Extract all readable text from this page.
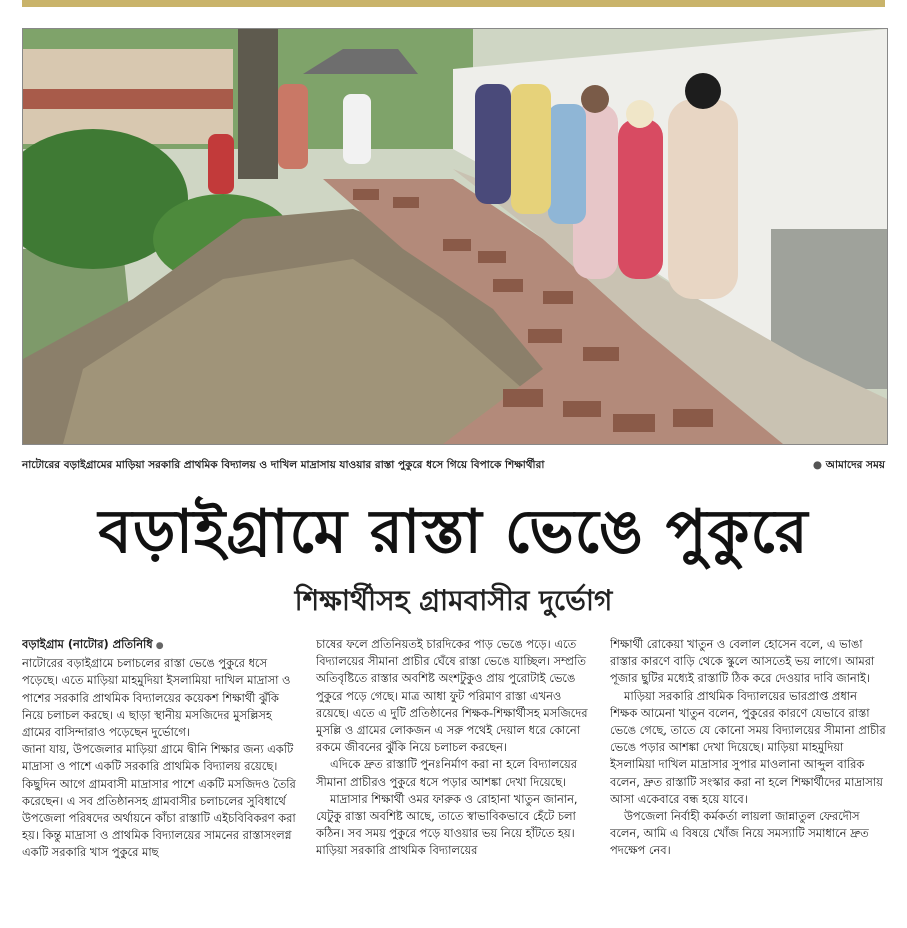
নাটোরের বড়াইগ্রামের মাড়িয়া সরকারি প্রাথমিক বিদ্যালয় ও দাখিল মাদ্রাসায় যাওয়ার রাস্তা পুকুরে ধসে গিয়ে বিপাকে শিক্ষার্থীরা
●	আমাদের সময়
বড়াইগ্রামে রাস্তা ভেঙে পুকুরে
শিক্ষার্থীসহ গ্রামবাসীর দুর্ভোগ
বড়াইগ্রাম (নাটোর) প্রতিনিধি ●

নাটোরের বড়াইগ্রামে চলাচলের রাস্তা ভেঙে পুকুরে ধসে পড়েছে। এতে মাড়িয়া মাহমুদিয়া ইসলামিয়া দাখিল মাদ্রাসা ও পাশের সরকারি প্রাথমিক বিদ্যালয়ের কয়েকশ শিক্ষার্থী ঝুঁকি নিয়ে চলাচল করছে। এ ছাড়া স্থানীয় মসজিদের মুসল্লিসহ গ্রামের বাসিন্দারাও পড়েছেন দুর্ভোগে।

জানা যায়, উপজেলার মাড়িয়া গ্রামে দ্বীনি শিক্ষার জন্য একটি মাদ্রাসা ও পাশে একটি সরকারি প্রাথমিক বিদ্যালয় রয়েছে। কিছুদিন আগে গ্রামবাসী মাদ্রাসার পাশে একটি মসজিদও তৈরি করেছেন। এ সব প্রতিষ্ঠানসহ গ্রামবাসীর চলাচলের সুবিধার্থে উপজেলা পরিষদের অর্থায়নে কাঁচা রাস্তাটি এইচবিবিকরণ করা হয়। কিন্তু মাদ্রাসা ও প্রাথমিক বিদ্যালয়ের সামনের রাস্তাসংলগ্ন একটি সরকারি খাস পুকুরে মাছ

চাষের ফলে প্রতিনিয়তই চারদিকের পাড় ভেঙে পড়ে। এতে বিদ্যালয়ের সীমানা প্রাচীর ঘেঁষে রাস্তা ভেঙে যাচ্ছিল। সম্প্রতি অতিবৃষ্টিতে রাস্তার অবশিষ্ট অংশটুকুও প্রায় পুরোটাই ভেঙে পুকুরে পড়ে গেছে। মাত্র আধা ফুট পরিমাণ রাস্তা এখনও রয়েছে। এতে এ দুটি প্রতিষ্ঠানের শিক্ষক-শিক্ষার্থীসহ মসজিদের মুসল্লি ও গ্রামের লোকজন এ সরু পথেই দেয়াল ধরে কোনো রকমে জীবনের ঝুঁকি নিয়ে চলাচল করছেন।

এদিকে দ্রুত রাস্তাটি পুনঃনির্মাণ করা না হলে বিদ্যালয়ের সীমানা প্রাচীরও পুকুরে ধসে পড়ার আশঙ্কা দেখা দিয়েছে।

মাদ্রাসার শিক্ষার্থী ওমর ফারুক ও রোহানা খাতুন জানান, যেটুকু রাস্তা অবশিষ্ট আছে, তাতে স্বাভাবিকভাবে হেঁটে চলা কঠিন। সব সময় পুকুরে পড়ে যাওয়ার ভয় নিয়ে হাঁটতে হয়। মাড়িয়া সরকারি প্রাথমিক বিদ্যালয়ের

শিক্ষার্থী রোকেয়া খাতুন ও বেলাল হোসেন বলে, এ ভাঙা রাস্তার কারণে বাড়ি থেকে স্কুলে আসতেই ভয় লাগে। আমরা পূজার ছুটির মধ্যেই রাস্তাটি ঠিক করে দেওয়ার দাবি জানাই।

মাড়িয়া সরকারি প্রাথমিক বিদ্যালয়ের ভারপ্রাপ্ত প্রধান শিক্ষক আমেনা খাতুন বলেন, পুকুরের কারণে যেভাবে রাস্তা ভেঙে গেছে, তাতে যে কোনো সময় বিদ্যালয়ের সীমানা প্রাচীর ভেঙে পড়ার আশঙ্কা দেখা দিয়েছে। মাড়িয়া মাহমুদিয়া ইসলামিয়া দাখিল মাদ্রাসার সুপার মাওলানা আব্দুল বারিক বলেন, দ্রুত রাস্তাটি সংস্কার করা না হলে শিক্ষার্থীদের মাদ্রাসায় আসা একেবারে বন্ধ হয়ে যাবে।

উপজেলা নির্বাহী কর্মকর্তা লায়লা জান্নাতুল ফেরদৌস বলেন, আমি এ বিষয়ে খোঁজ নিয়ে সমস্যাটি সমাধানে দ্রুত পদক্ষেপ নেব।
